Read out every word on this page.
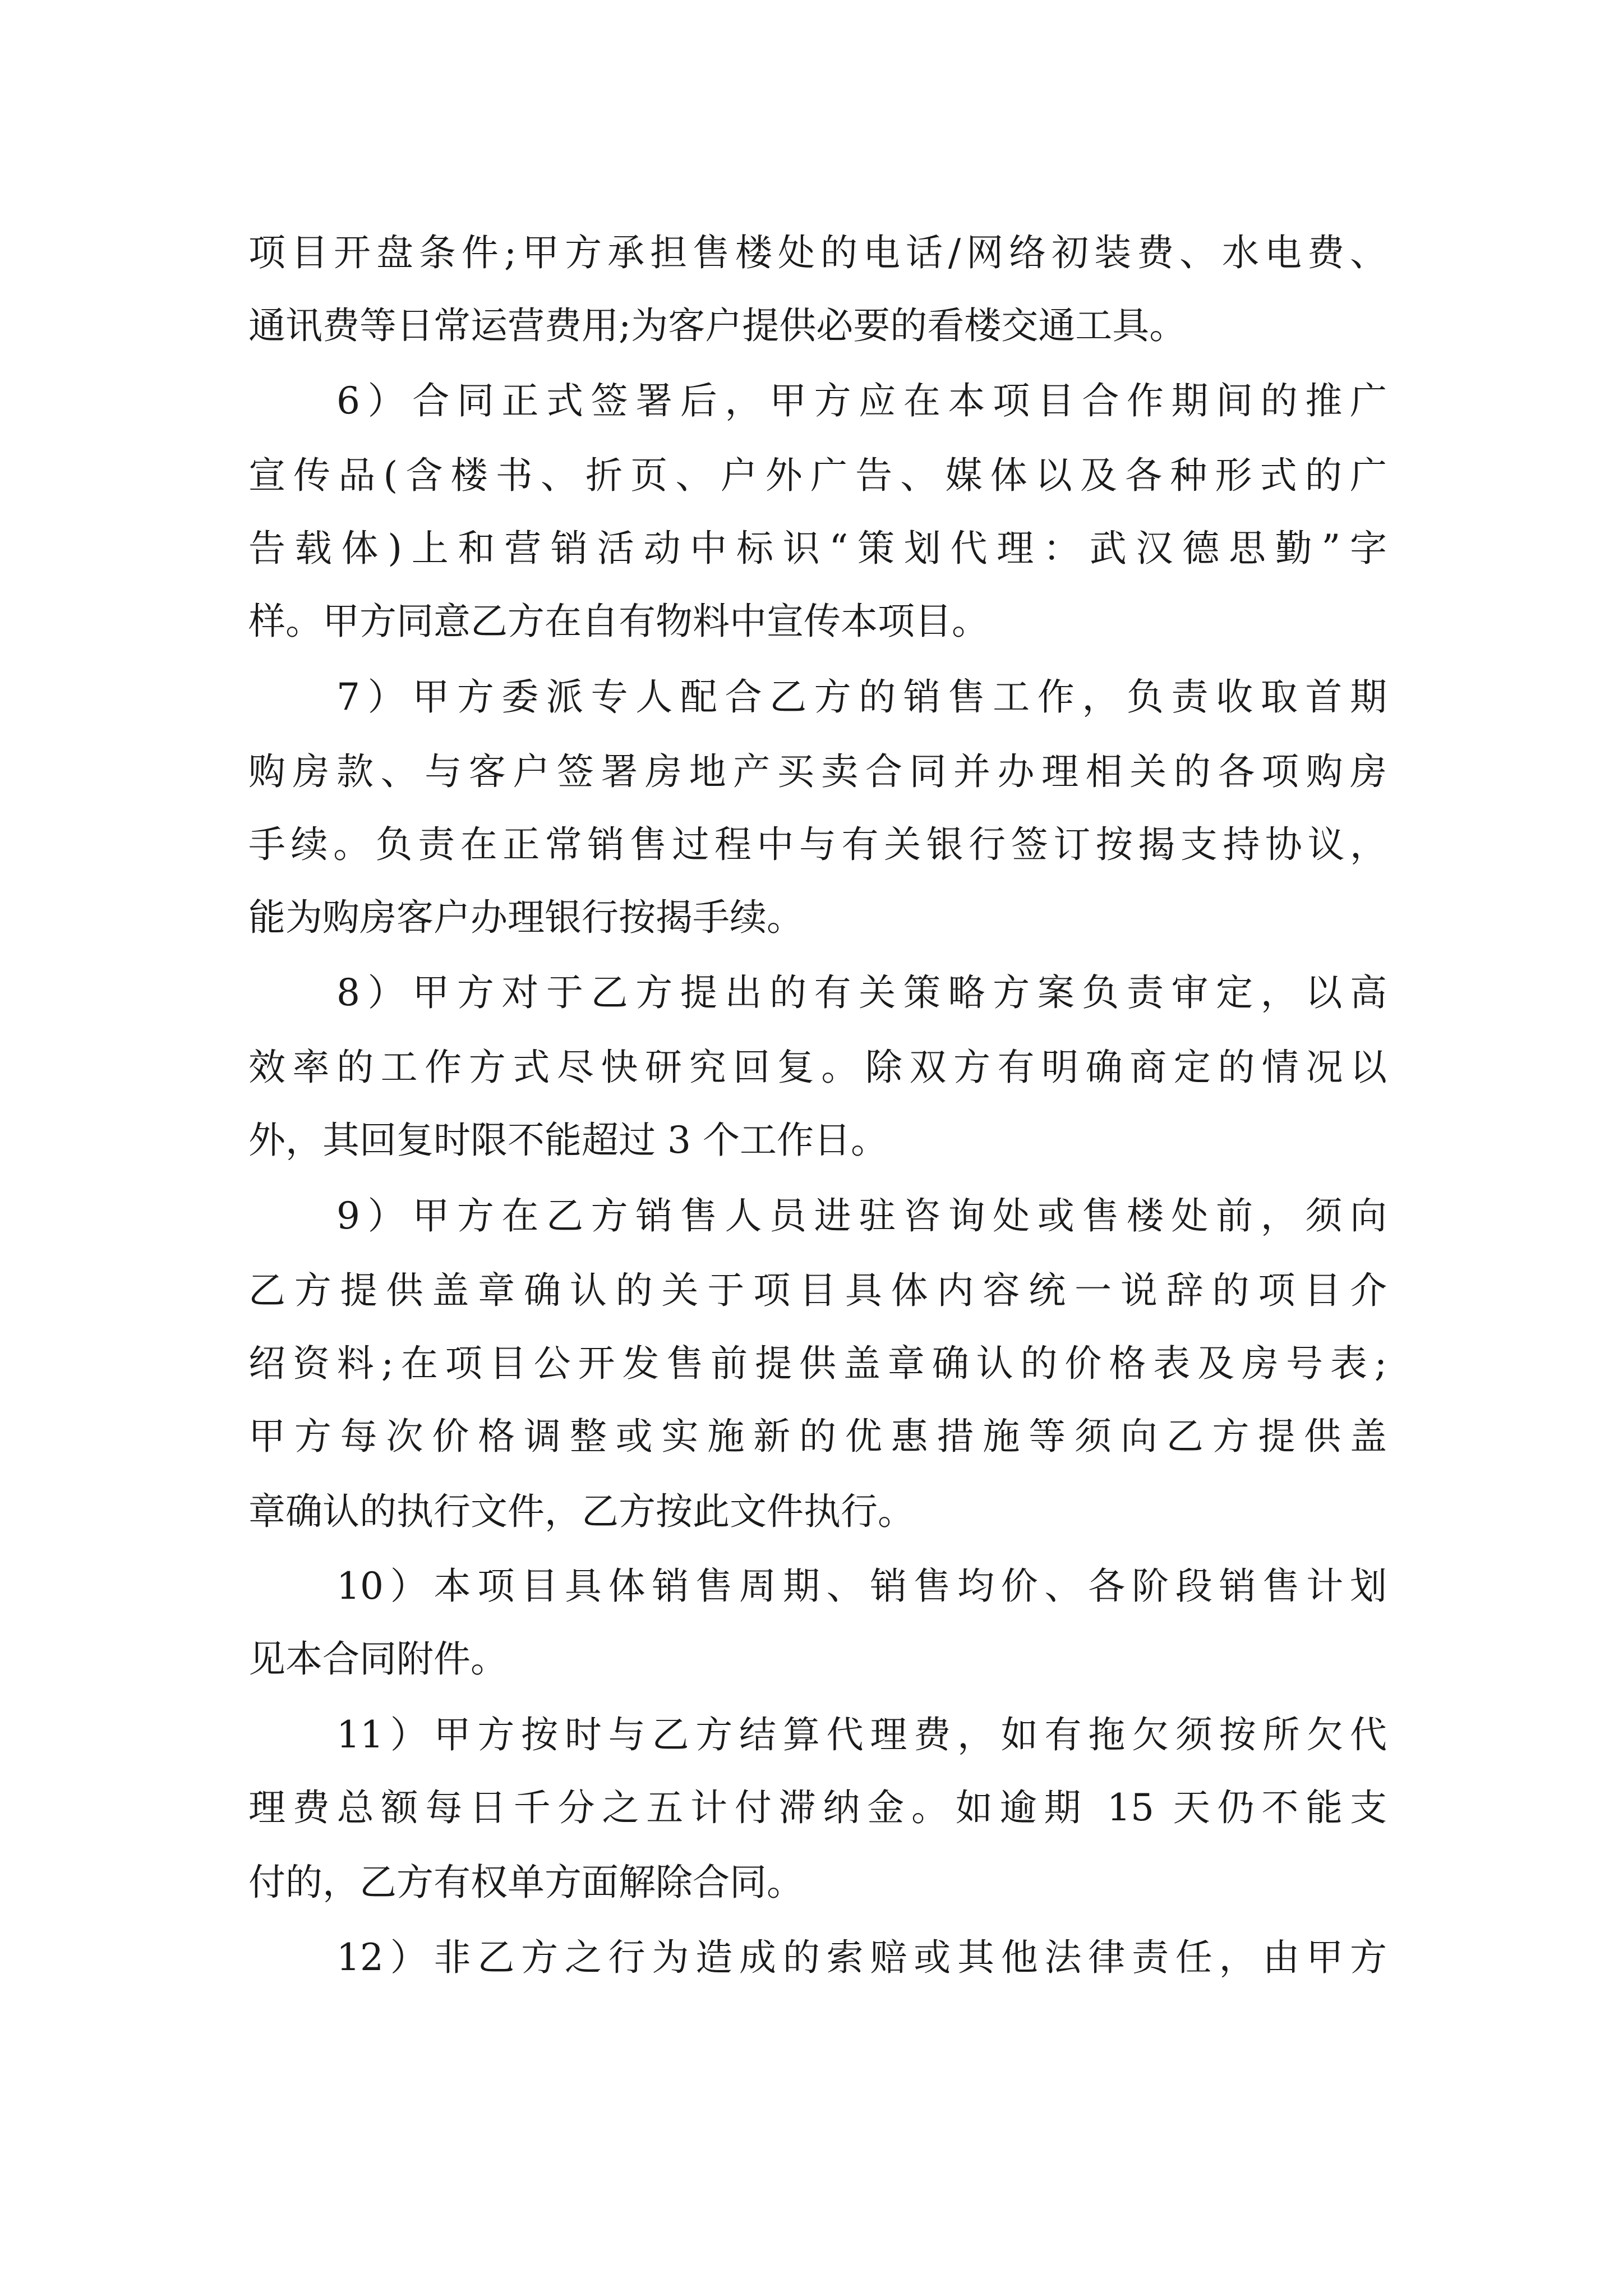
项目开盘条件;甲方承担售楼处的电话/网络初装费、水电费、
通讯费等日常运营费用;为客户提供必要的看楼交通工具。
6）合同正式签署后，甲方应在本项目合作期间的推广
宣传品(含楼书、折页、户外广告、媒体以及各种形式的广
告载体)上和营销活动中标识“策划代理：武汉德思勤”字
样。甲方同意乙方在自有物料中宣传本项目。
7）甲方委派专人配合乙方的销售工作，负责收取首期
购房款、与客户签署房地产买卖合同并办理相关的各项购房
手续。负责在正常销售过程中与有关银行签订按揭支持协议，
能为购房客户办理银行按揭手续。
8）甲方对于乙方提出的有关策略方案负责审定，以高
效率的工作方式尽快研究回复。除双方有明确商定的情况以
外，其回复时限不能超过 3 个工作日。
9）甲方在乙方销售人员进驻咨询处或售楼处前，须向
乙方提供盖章确认的关于项目具体内容统一说辞的项目介
绍资料;在项目公开发售前提供盖章确认的价格表及房号表;
甲方每次价格调整或实施新的优惠措施等须向乙方提供盖
章确认的执行文件，乙方按此文件执行。
10）本项目具体销售周期、销售均价、各阶段销售计划
见本合同附件。
11）甲方按时与乙方结算代理费，如有拖欠须按所欠代
理费总额每日千分之五计付滞纳金。如逾期 15 天仍不能支
付的，乙方有权单方面解除合同。
12）非乙方之行为造成的索赔或其他法律责任，由甲方
